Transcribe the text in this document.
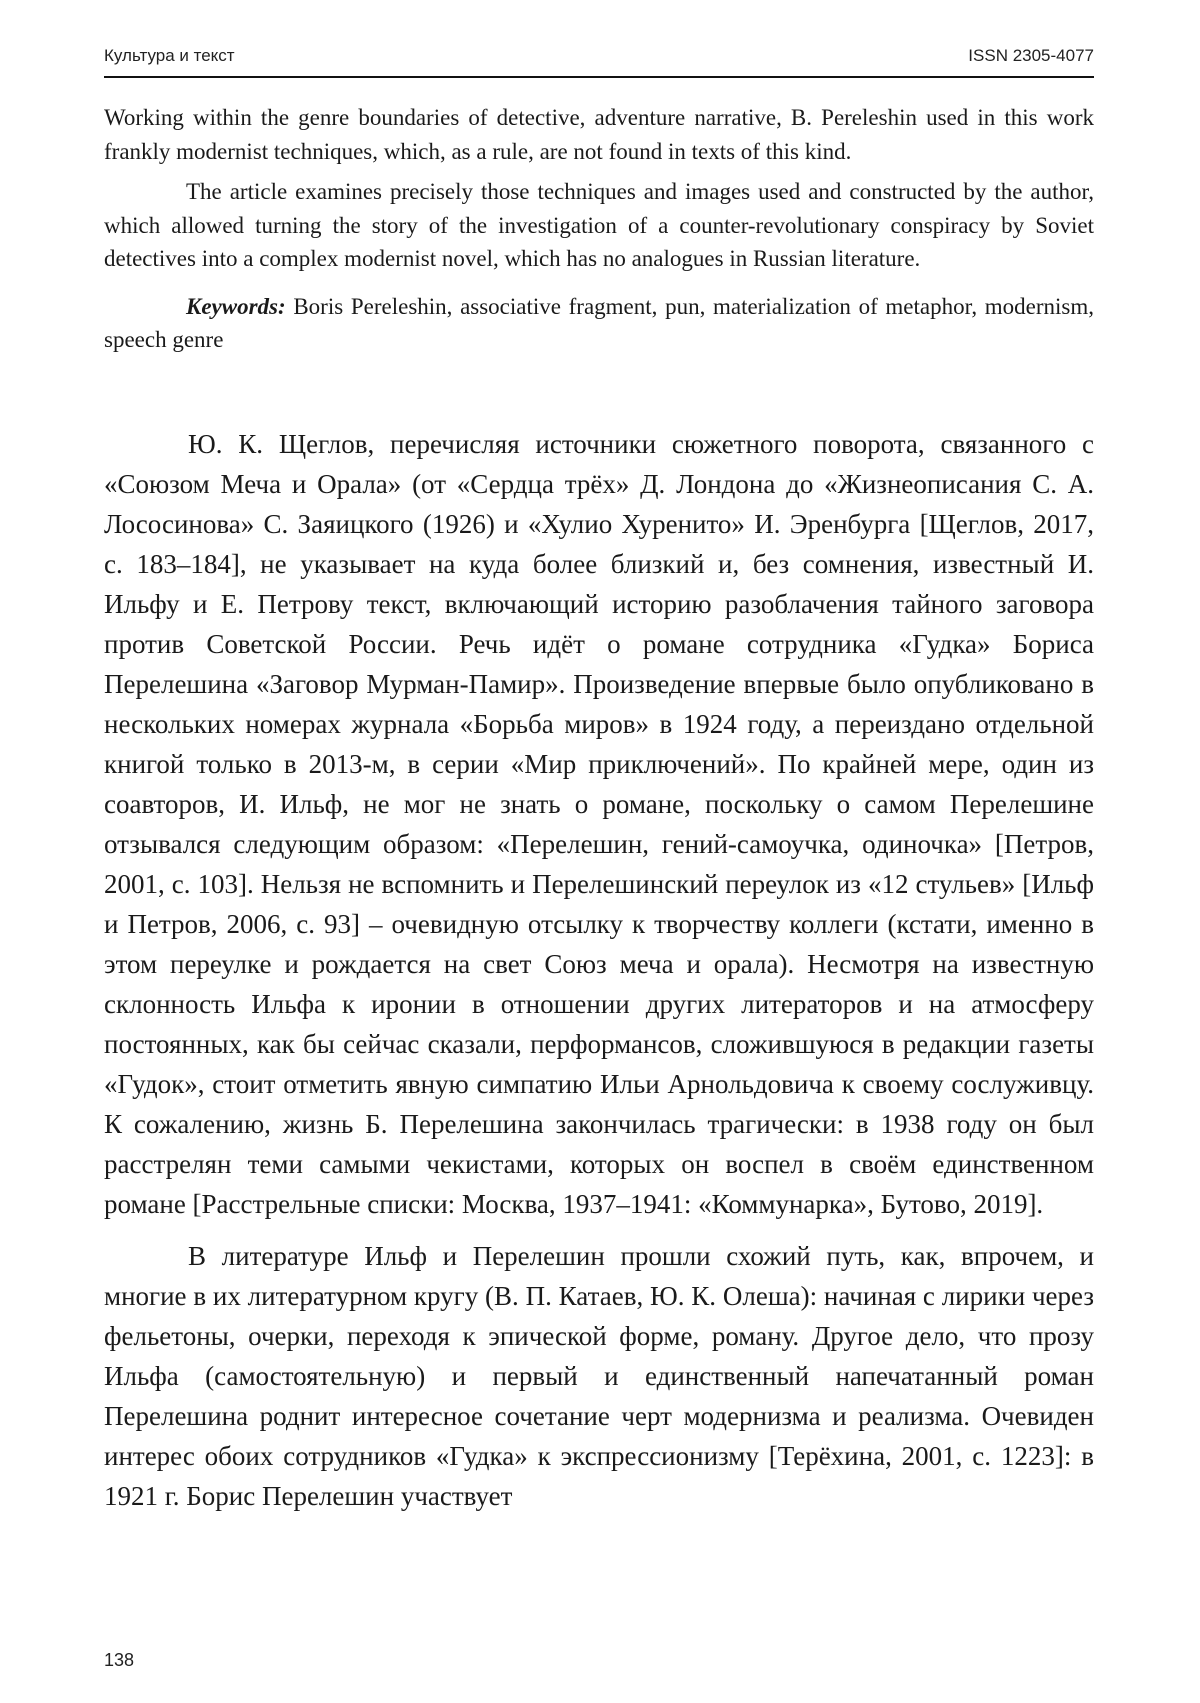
Культура и текст	ISSN 2305-4077

Working within the genre boundaries of detective, adventure narrative, B. Pereleshin used in this work frankly modernist techniques, which, as a rule, are not found in texts of this kind.

The article examines precisely those techniques and images used and constructed by the author, which allowed turning the story of the investigation of a counter-revolutionary conspiracy by Soviet detectives into a complex modernist novel, which has no analogues in Russian literature.

Keywords: Boris Pereleshin, associative fragment, pun, materialization of metaphor, modernism, speech genre

Ю. К. Щеглов, перечисляя источники сюжетного поворота, связанного с «Союзом Меча и Орала» (от «Сердца трёх» Д. Лондона до «Жизнеописания С. А. Лососинова» С. Заяицкого (1926) и «Хулио Хуренито» И. Эренбурга [Щеглов, 2017, с. 183–184], не указывает на куда более близкий и, без сомнения, известный И. Ильфу и Е. Петрову текст, включающий историю разоблачения тайного заговора против Советской России. Речь идёт о романе сотрудника «Гудка» Бориса Перелешина «Заговор Мурман-Памир». Произведение впервые было опубликовано в нескольких номерах журнала «Борьба миров» в 1924 году, а переиздано отдельной книгой только в 2013-м, в серии «Мир приключений». По крайней мере, один из соавторов, И. Ильф, не мог не знать о романе, поскольку о самом Перелешине отзывался следующим образом: «Перелешин, гений-самоучка, одиночка» [Петров, 2001, с. 103]. Нельзя не вспомнить и Перелешинский переулок из «12 стульев» [Ильф и Петров, 2006, с. 93] – очевидную отсылку к творчеству коллеги (кстати, именно в этом переулке и рождается на свет Союз меча и орала). Несмотря на известную склонность Ильфа к иронии в отношении других литераторов и на атмосферу постоянных, как бы сейчас сказали, перформансов, сложившуюся в редакции газеты «Гудок», стоит отметить явную симпатию Ильи Арнольдовича к своему сослуживцу. К сожалению, жизнь Б. Перелешина закончилась трагически: в 1938 году он был расстрелян теми самыми чекистами, которых он воспел в своём единственном романе [Расстрельные списки: Москва, 1937–1941: «Коммунарка», Бутово, 2019].

В литературе Ильф и Перелешин прошли схожий путь, как, впрочем, и многие в их литературном кругу (В. П. Катаев, Ю. К. Олеша): начиная с лирики через фельетоны, очерки, переходя к эпической форме, роману. Другое дело, что прозу Ильфа (самостоятельную) и первый и единственный напечатанный роман Перелешина роднит интересное сочетание черт модернизма и реализма. Очевиден интерес обоих сотрудников «Гудка» к экспрессионизму [Терёхина, 2001, с. 1223]: в 1921 г. Борис Перелешин участвует

138
